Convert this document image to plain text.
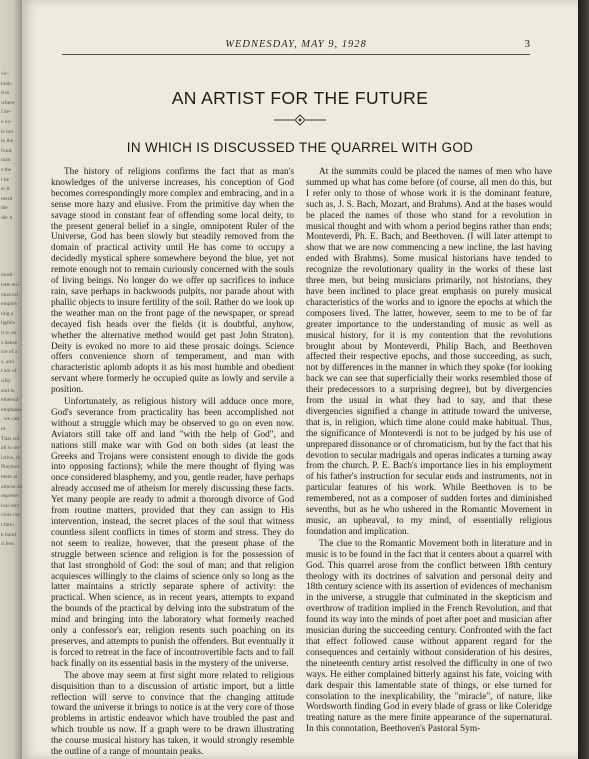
vic-
look-
d to
where
f be-
n ex-
is not
in the
food,
man
s the
t be
er it
merit
the
der it

modi-
lette en-
musical
employ-
ting a
ligible
it to an
s dance
ice of a
s, and
t are of
silly
and in
ethereal
emphasis
. we can
ur
That wil
all to un-
ictive, th
Playbou
ment ar
almost an
represer
ical serv
ctors cor
t fami
k band
d Jess
WEDNESDAY, MAY 9, 1928	3
AN ARTIST FOR THE FUTURE
IN WHICH IS DISCUSSED THE QUARREL WITH GOD

The history of religions confirms the fact that as man's knowledges of the universe increases, his conception of God becomes correspondingly more complex and embracing, and in a sense more hazy and elusive. From the primitive day when the savage stood in constant fear of offending some local deity, to the present general belief in a single, omnipotent Ruler of the Universe, God has been slowly but steadily removed from the domain of practical activity until He has come to occupy a decidedly mystical sphere somewhere beyond the blue, yet not remote enough not to remain curiously concerned with the souls of living beings. No longer do we offer up sacrifices to induce rain, save perhaps in backwoods pulpits, nor parade about with phallic objects to insure fertility of the soil. Rather do we look up the weather man on the front page of the newspaper, or spread decayed fish heads over the fields (it is doubtful, anyhow, whether the alternative method would get past John Straton). Deity is evoked no more to aid these prosaic doings. Science offers convenience shorn of temperament, and man with characteristic aplomb adopts it as his most humble and obedient servant where formerly he occupied quite as lowly and servile a position.

Unfortunately, as religious history will adduce once more, God's severance from practicality has been accomplished not without a struggle which may be observed to go on even now. Aviators still take off and land "with the help of God", and nations still make war with God on both sides (at least the Greeks and Trojans were consistent enough to divide the gods into opposing factions); while the mere thought of flying was once considered blasphemy, and you, gentle reader, have perhaps already accused me of atheism for merely discussing these facts. Yet many people are ready to admit a thorough divorce of God from routine matters, provided that they can assign to His intervention, instead, the secret places of the soul that witness countless silent conflicts in times of storm and stress. They do not seem to realize, however, that the present phase of the struggle between science and religion is for the possession of that last stronghold of God: the soul of man; and that religion acquiesces willingly to the claims of science only so long as the latter maintains a strictly separate sphere of activity: the practical. When science, as in recent years, attempts to expand the bounds of the practical by delving into the substratum of the mind and bringing into the laboratory what formerly reached only a confessor's ear, religion resents such poaching on its preserves, and attempts to punish the offenders. But eventually it is forced to retreat in the face of incontrovertible facts and to fall back finally on its essential basis in the mystery of the universe.

The above may seem at first sight more related to religious disquisition than to a discussion of artistic import, but a little reflection will serve to convince that the changing attitude toward the universe it brings to notice is at the very core of those problems in artistic endeavor which have troubled the past and which trouble us now. If a graph were to be drawn illustrating the course musical history has taken, it would strongly resemble the outline of a range of mountain peaks.

At the summits could be placed the names of men who have summed up what has come before (of course, all men do this, but I refer only to those of whose work it is the dominant feature, such as, J. S. Bach, Mozart, and Brahms). And at the bases would be placed the names of those who stand for a revolution in musical thought and with whom a period begins rather than ends; Monteverdi, Ph. E. Bach, and Beethoven. (I will later attempt to show that we are now commencing a new incline, the last having ended with Brahms). Some musical historians have tended to recognize the revolutionary quality in the works of these last three men, but being musicians primarily, not historians, they have been inclined to place great emphasis on purely musical characteristics of the works and to ignore the epochs at which the composers lived. The latter, however, seem to me to be of far greater importance to the understanding of music as well as musical history, for it is my contention that the revolutions brought about by Monteverdi, Philip Bach, and Beethoven affected their respective epochs, and those succeeding, as such, not by differences in the manner in which they spoke (for looking back we can see that superficially their works resembled those of their predecessors to a surprising degree), but by divergencies from the usual in what they had to say, and that these divergencies signified a change in attitude toward the universe, that is, in religion, which time alone could make habitual. Thus, the significance of Monteverdi is not to be judged by his use of unprepared dissonance or of chromaticism, but by the fact that his devotion to secular madrigals and operas indicates a turning away from the church. P. E. Bach's importance lies in his employment of his father's instruction for secular ends and instruments, not in particular features of his work. While Beethoven is to be remembered, not as a composer of sudden fortes and diminished sevenths, but as he who ushered in the Romantic Movement in music, an upheaval, to my mind, of essentially religious foundation and implication.

The clue to the Romantic Movement both in literature and in music is to be found in the fact that it centers about a quarrel with God. This quarrel arose from the conflict between 18th century theology with its doctrines of salvation and personal deity and 18th century science with its assertion of evidences of mechanism in the universe, a struggle that culminated in the skepticism and overthrow of tradition implied in the French Revolution, and that found its way into the minds of poet after poet and musician after musician during the succeeding century. Confronted with the fact that effect followed cause without apparent regard for the consequences and certainly without consideration of his desires, the nineteenth century artist resolved the difficulty in one of two ways. He either complained bitterly against his fate, voicing with dark despair this lamentable state of things, or else turned for consolation to the inexplicability, the "miracle", of nature, like Wordsworth finding God in every blade of grass or like Coleridge treating nature as the mere finite appearance of the supernatural. In this connotation, Beethoven's Pastoral Sym-
